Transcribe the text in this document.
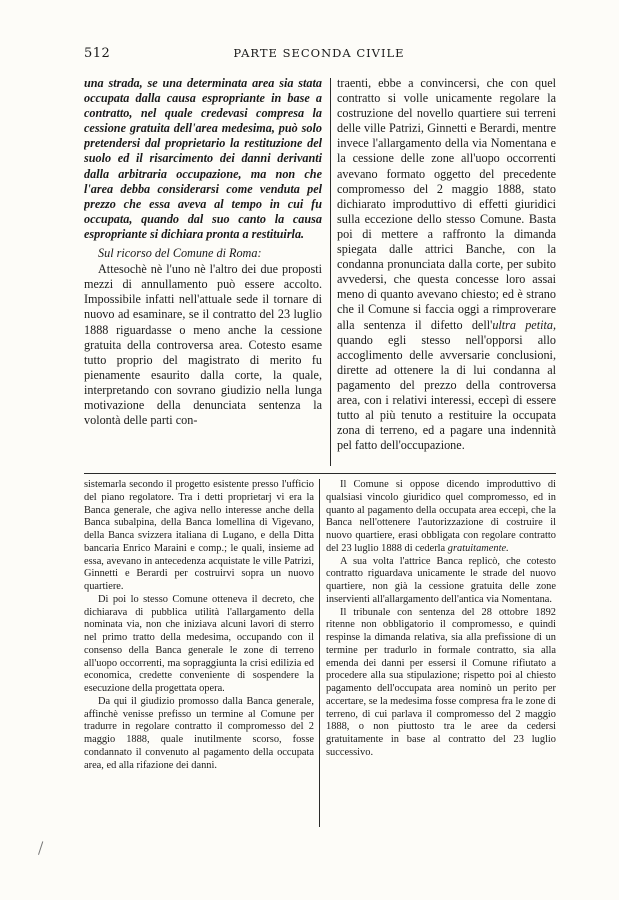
512	PARTE SECONDA CIVILE

una strada, se una determinata area sia stata occupata dalla causa espropriante in base a contratto, nel quale credevasi compresa la cessione gratuita dell'area medesima, può solo pretendersi dal proprietario la restituzione del suolo ed il risarcimento dei danni derivanti dalla arbitraria occupazione, ma non che l'area debba considerarsi come venduta pel prezzo che essa aveva al tempo in cui fu occupata, quando dal suo canto la causa espropriante si dichiara pronta a restituirla.

Sul ricorso del Comune di Roma:

Attesochè nè l'uno nè l'altro dei due proposti mezzi di annullamento può essere accolto. Impossibile infatti nell'attuale sede il tornare di nuovo ad esaminare, se il contratto del 23 luglio 1888 riguardasse o meno anche la cessione gratuita della controversa area. Cotesto esame tutto proprio del magistrato di merito fu pienamente esaurito dalla corte, la quale, interpretando con sovrano giudizio nella lunga motivazione della denunciata sentenza la volontà delle parti con-

traenti, ebbe a convincersi, che con quel contratto si volle unicamente regolare la costruzione del novello quartiere sui terreni delle ville Patrizi, Ginnetti e Berardi, mentre invece l'allargamento della via Nomentana e la cessione delle zone all'uopo occorrenti avevano formato oggetto del precedente compromesso del 2 maggio 1888, stato dichiarato improduttivo di effetti giuridici sulla eccezione dello stesso Comune. Basta poi di mettere a raffronto la dimanda spiegata dalle attrici Banche, con la condanna pronunciata dalla corte, per subito avvedersi, che questa concesse loro assai meno di quanto avevano chiesto; ed è strano che il Comune si faccia oggi a rimproverare alla sentenza il difetto dell'ultra petita, quando egli stesso nell'opporsi allo accoglimento delle avversarie conclusioni, dirette ad ottenere la di lui condanna al pagamento del prezzo della controversa area, con i relativi interessi, eccepì di essere tutto al più tenuto a restituire la occupata zona di terreno, ed a pagare una indennità pel fatto dell'occupazione.

sistemarla secondo il progetto esistente presso l'ufficio del piano regolatore. Tra i detti proprietarj vi era la Banca generale, che agiva nello interesse anche della Banca subalpina, della Banca lomellina di Vigevano, della Banca svizzera italiana di Lugano, e della Ditta bancaria Enrico Maraini e comp.; le quali, insieme ad essa, avevano in antecedenza acquistate le ville Patrizi, Ginnetti e Berardi per costruirvi sopra un nuovo quartiere.

Di poi lo stesso Comune otteneva il decreto, che dichiarava di pubblica utilità l'allargamento della nominata via, non che iniziava alcuni lavori di sterro nel primo tratto della medesima, occupando con il consenso della Banca generale le zone di terreno all'uopo occorrenti, ma sopraggiunta la crisi edilizia ed economica, credette conveniente di sospendere la esecuzione della progettata opera.

Da qui il giudizio promosso dalla Banca generale, affinchè venisse prefisso un termine al Comune per tradurre in regolare contratto il compromesso del 2 maggio 1888, quale inutilmente scorso, fosse condannato il convenuto al pagamento della occupata area, ed alla rifazione dei danni.

Il Comune si oppose dicendo improduttivo di qualsiasi vincolo giuridico quel compromesso, ed in quanto al pagamento della occupata area eccepì, che la Banca nell'ottenere l'autorizzazione di costruire il nuovo quartiere, erasi obbligata con regolare contratto del 23 luglio 1888 di cederla gratuitamente.

A sua volta l'attrice Banca replicò, che cotesto contratto riguardava unicamente le strade del nuovo quartiere, non già la cessione gratuita delle zone inservienti all'allargamento dell'antica via Nomentana.

Il tribunale con sentenza del 28 ottobre 1892 ritenne non obbligatorio il compromesso, e quindi respinse la dimanda relativa, sia alla prefissione di un termine per tradurlo in formale contratto, sia alla emenda dei danni per essersi il Comune rifiutato a procedere alla sua stipulazione; rispetto poi al chiesto pagamento dell'occupata area nominò un perito per accertare, se la medesima fosse compresa fra le zone di terreno, di cui parlava il compromesso del 2 maggio 1888, o non piuttosto tra le aree da cedersi gratuitamente in base al contratto del 23 luglio successivo.
